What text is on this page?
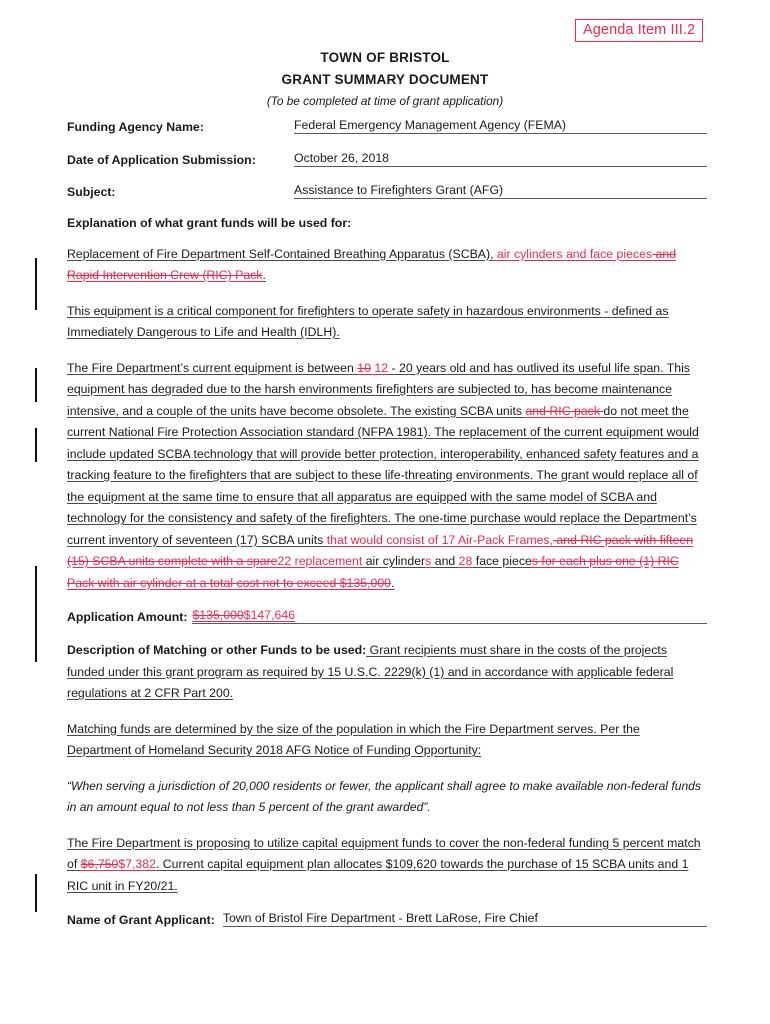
Agenda Item III.2
TOWN OF BRISTOL
GRANT SUMMARY DOCUMENT
(To be completed at time of grant application)
Funding Agency Name:	Federal Emergency Management Agency (FEMA)
Date of Application Submission:	October 26, 2018
Subject:	Assistance to Firefighters Grant (AFG)
Explanation of what grant funds will be used for:

Replacement of Fire Department Self-Contained Breathing Apparatus (SCBA), air cylinders and face pieces and Rapid Intervention Crew (RIC) Pack.

This equipment is a critical component for firefighters to operate safety in hazardous environments - defined as Immediately Dangerous to Life and Health (IDLH).

The Fire Department’s current equipment is between 10 12 - 20 years old and has outlived its useful life span. This equipment has degraded due to the harsh environments firefighters are subjected to, has become maintenance intensive, and a couple of the units have become obsolete. The existing SCBA units and RIC pack do not meet the current National Fire Protection Association standard (NFPA 1981). The replacement of the current equipment would include updated SCBA technology that will provide better protection, interoperability, enhanced safety features and a tracking feature to the firefighters that are subject to these life-threating environments. The grant would replace all of the equipment at the same time to ensure that all apparatus are equipped with the same model of SCBA and technology for the consistency and safety of the firefighters. The one-time purchase would replace the Department’s current inventory of seventeen (17) SCBA units that would consist of 17 Air-Pack Frames, and RIC pack with fifteen (15) SCBA units complete with a spare22 replacement air cylinders and 28 face pieces for each plus one (1) RIC Pack with air cylinder at a total cost not to exceed $135,000.

Application Amount: $135,000$147,646

Description of Matching or other Funds to be used: Grant recipients must share in the costs of the projects funded under this grant program as required by 15 U.S.C. 2229(k) (1) and in accordance with applicable federal regulations at 2 CFR Part 200.

Matching funds are determined by the size of the population in which the Fire Department serves. Per the Department of Homeland Security 2018 AFG Notice of Funding Opportunity:

“When serving a jurisdiction of 20,000 residents or fewer, the applicant shall agree to make available non-federal funds in an amount equal to not less than 5 percent of the grant awarded”.

The Fire Department is proposing to utilize capital equipment funds to cover the non-federal funding 5 percent match of $6,750$7,382. Current capital equipment plan allocates $109,620 towards the purchase of 15 SCBA units and 1 RIC unit in FY20/21.

Name of Grant Applicant: Town of Bristol Fire Department - Brett LaRose, Fire Chief
